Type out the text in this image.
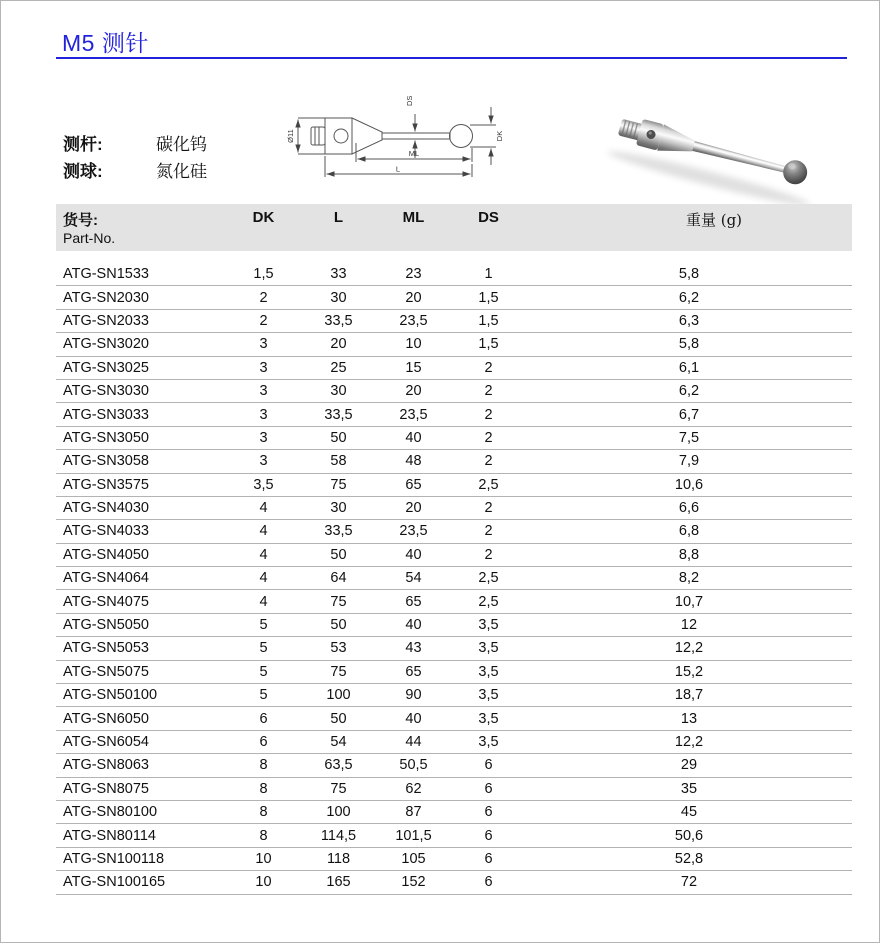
M5 测针
测杆:	碳化钨
测球:	氮化硅
Ø11
DS
DK
ML
L
货号:	DK	L	ML	DS	重量 (g)
Part-No.
ATG-SN1533	1,5	33	23	1	5,8
ATG-SN2030	2	30	20	1,5	6,2
ATG-SN2033	2	33,5	23,5	1,5	6,3
ATG-SN3020	3	20	10	1,5	5,8
ATG-SN3025	3	25	15	2	6,1
ATG-SN3030	3	30	20	2	6,2
ATG-SN3033	3	33,5	23,5	2	6,7
ATG-SN3050	3	50	40	2	7,5
ATG-SN3058	3	58	48	2	7,9
ATG-SN3575	3,5	75	65	2,5	10,6
ATG-SN4030	4	30	20	2	6,6
ATG-SN4033	4	33,5	23,5	2	6,8
ATG-SN4050	4	50	40	2	8,8
ATG-SN4064	4	64	54	2,5	8,2
ATG-SN4075	4	75	65	2,5	10,7
ATG-SN5050	5	50	40	3,5	12
ATG-SN5053	5	53	43	3,5	12,2
ATG-SN5075	5	75	65	3,5	15,2
ATG-SN50100	5	100	90	3,5	18,7
ATG-SN6050	6	50	40	3,5	13
ATG-SN6054	6	54	44	3,5	12,2
ATG-SN8063	8	63,5	50,5	6	29
ATG-SN8075	8	75	62	6	35
ATG-SN80100	8	100	87	6	45
ATG-SN80114	8	114,5	101,5	6	50,6
ATG-SN100118	10	118	105	6	52,8
ATG-SN100165	10	165	152	6	72
